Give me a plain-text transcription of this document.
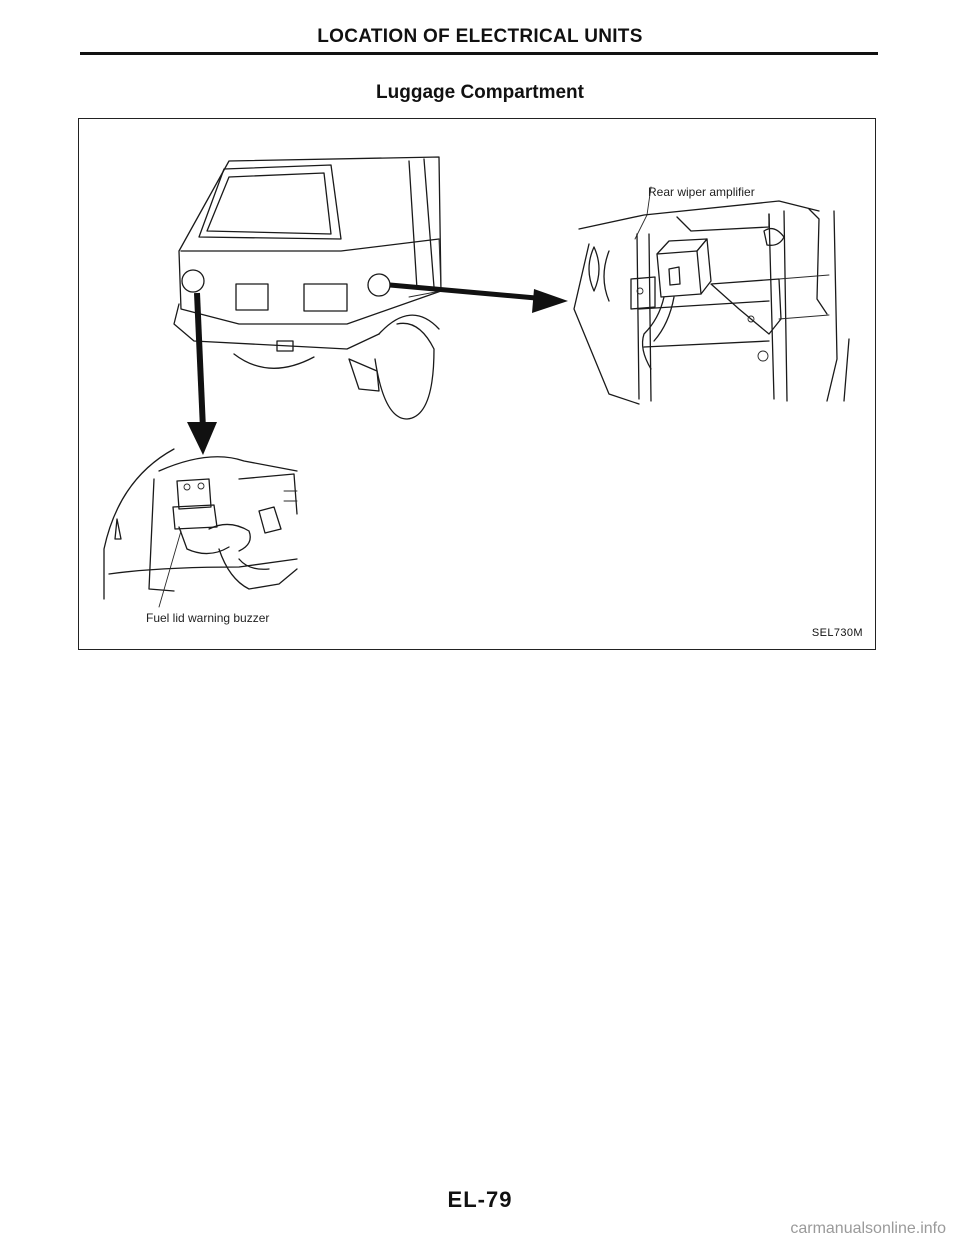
LOCATION OF ELECTRICAL UNITS
Luggage Compartment
Rear wiper amplifier
Fuel lid warning buzzer
SEL730M
EL-79
carmanualsonline.info
